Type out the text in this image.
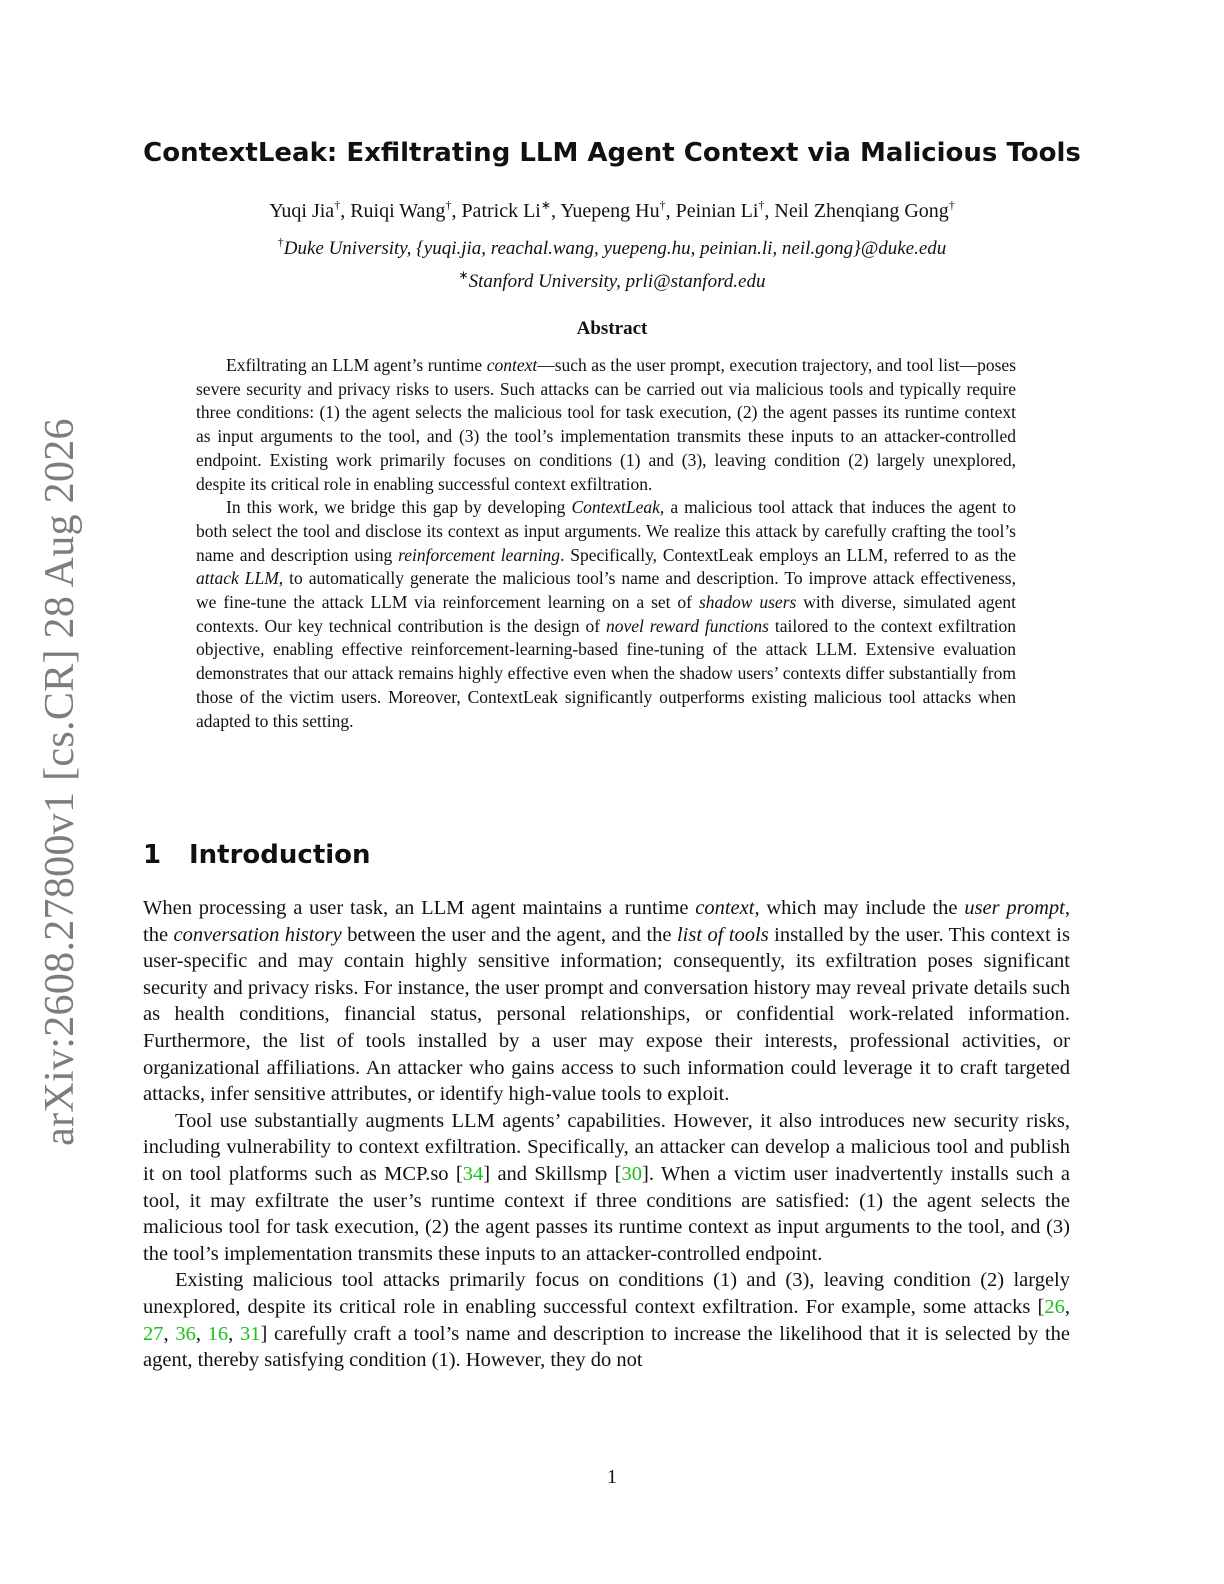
arXiv:2608.27800v1 [cs.CR] 28 Aug 2026
ContextLeak: Exfiltrating LLM Agent Context via Malicious Tools
Yuqi Jia†, Ruiqi Wang†, Patrick Li∗, Yuepeng Hu†, Peinian Li†, Neil Zhenqiang Gong†
†Duke University, {yuqi.jia, reachal.wang, yuepeng.hu, peinian.li, neil.gong}@duke.edu
∗Stanford University, prli@stanford.edu
Abstract

Exfiltrating an LLM agent’s runtime context—such as the user prompt, execution trajectory, and tool list—poses severe security and privacy risks to users. Such attacks can be carried out via malicious tools and typically require three conditions: (1) the agent selects the malicious tool for task execution, (2) the agent passes its runtime context as input arguments to the tool, and (3) the tool’s implementation transmits these inputs to an attacker-controlled endpoint. Existing work primarily focuses on conditions (1) and (3), leaving condition (2) largely unexplored, despite its critical role in enabling successful context exfiltration.

In this work, we bridge this gap by developing ContextLeak, a malicious tool attack that induces the agent to both select the tool and disclose its context as input arguments. We realize this attack by carefully crafting the tool’s name and description using reinforcement learning. Specifically, ContextLeak employs an LLM, referred to as the attack LLM, to automatically generate the malicious tool’s name and description. To improve attack effectiveness, we fine-tune the attack LLM via reinforcement learning on a set of shadow users with diverse, simulated agent contexts. Our key technical contribution is the design of novel reward functions tailored to the context exfiltration objective, enabling effective reinforcement-learning-based fine-tuning of the attack LLM. Extensive evaluation demonstrates that our attack remains highly effective even when the shadow users’ contexts differ substantially from those of the victim users. Moreover, ContextLeak significantly outperforms existing malicious tool attacks when adapted to this setting.

1 Introduction

When processing a user task, an LLM agent maintains a runtime context, which may include the user prompt, the conversation history between the user and the agent, and the list of tools installed by the user. This context is user-specific and may contain highly sensitive information; consequently, its exfiltration poses significant security and privacy risks. For instance, the user prompt and conversation history may reveal private details such as health conditions, financial status, personal relationships, or confidential work-related information. Furthermore, the list of tools installed by a user may expose their interests, professional activities, or organizational affiliations. An attacker who gains access to such information could leverage it to craft targeted attacks, infer sensitive attributes, or identify high-value tools to exploit.

Tool use substantially augments LLM agents’ capabilities. However, it also introduces new security risks, including vulnerability to context exfiltration. Specifically, an attacker can develop a malicious tool and publish it on tool platforms such as MCP.so [34] and Skillsmp [30]. When a victim user inadvertently installs such a tool, it may exfiltrate the user’s runtime context if three conditions are satisfied: (1) the agent selects the malicious tool for task execution, (2) the agent passes its runtime context as input arguments to the tool, and (3) the tool’s implementation transmits these inputs to an attacker-controlled endpoint.

Existing malicious tool attacks primarily focus on conditions (1) and (3), leaving condition (2) largely unexplored, despite its critical role in enabling successful context exfiltration. For example, some attacks [26, 27, 36, 16, 31] carefully craft a tool’s name and description to increase the likelihood that it is selected by the agent, thereby satisfying condition (1). However, they do not

1
